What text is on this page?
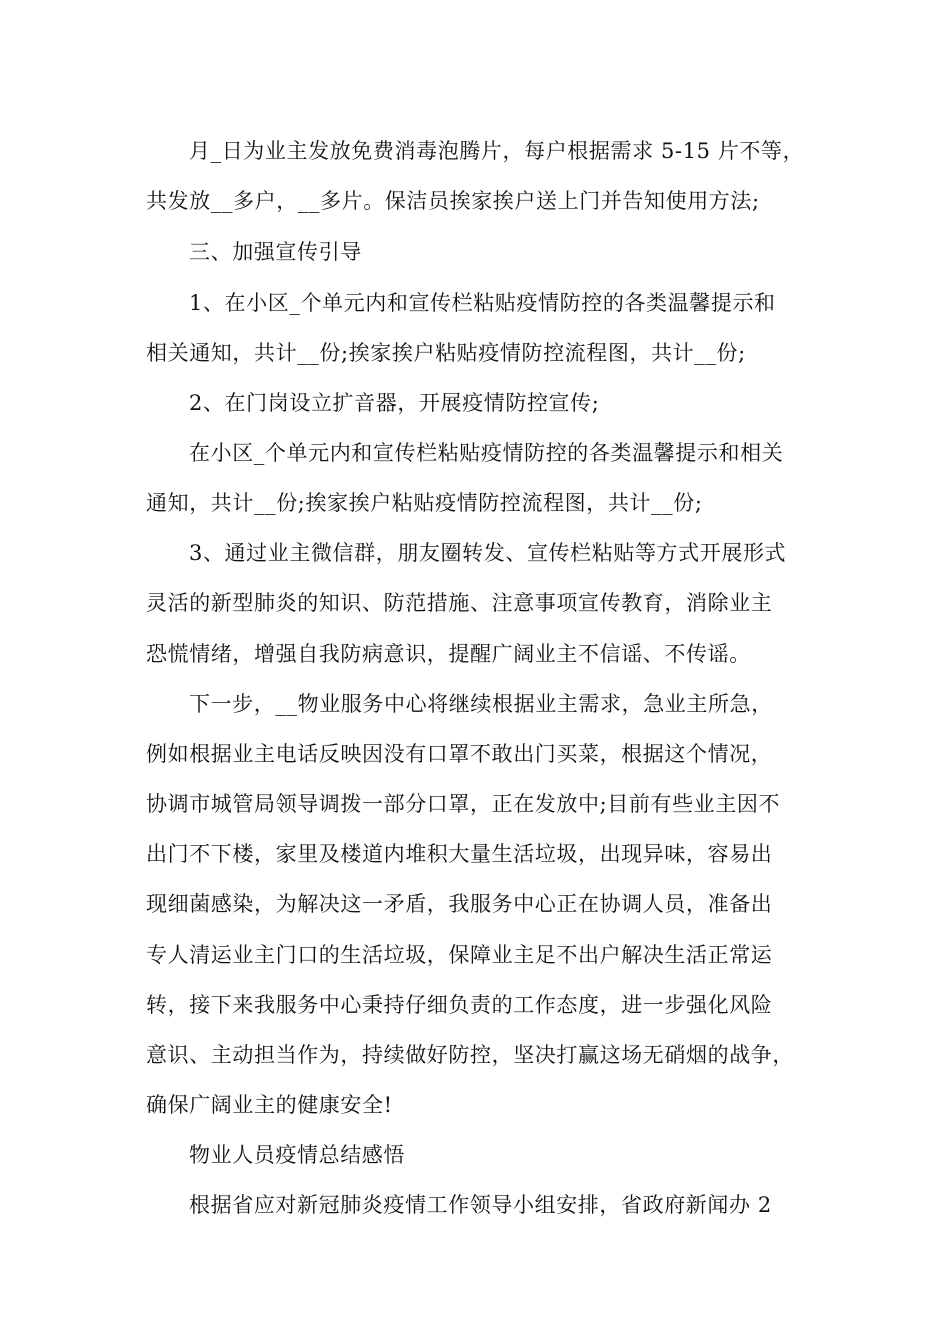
月_日为业主发放免费消毒泡腾片，每户根据需求 5-15 片不等，
共发放__多户，__多片。保洁员挨家挨户送上门并告知使用方法;
三、加强宣传引导
1、在小区_个单元内和宣传栏粘贴疫情防控的各类温馨提示和
相关通知，共计__份;挨家挨户粘贴疫情防控流程图，共计__份;
2、在门岗设立扩音器，开展疫情防控宣传;
在小区_个单元内和宣传栏粘贴疫情防控的各类温馨提示和相关
通知，共计__份;挨家挨户粘贴疫情防控流程图，共计__份;
3、通过业主微信群，朋友圈转发、宣传栏粘贴等方式开展形式
灵活的新型肺炎的知识、防范措施、注意事项宣传教育，消除业主
恐慌情绪，增强自我防病意识，提醒广阔业主不信谣、不传谣。
下一步，__物业服务中心将继续根据业主需求，急业主所急，
例如根据业主电话反映因没有口罩不敢出门买菜，根据这个情况，
协调市城管局领导调拨一部分口罩，正在发放中;目前有些业主因不
出门不下楼，家里及楼道内堆积大量生活垃圾，出现异味，容易出
现细菌感染，为解决这一矛盾，我服务中心正在协调人员，准备出
专人清运业主门口的生活垃圾，保障业主足不出户解决生活正常运
转，接下来我服务中心秉持仔细负责的工作态度，进一步强化风险
意识、主动担当作为，持续做好防控，坚决打赢这场无硝烟的战争，
确保广阔业主的健康安全!
物业人员疫情总结感悟
根据省应对新冠肺炎疫情工作领导小组安排，省政府新闻办 2
